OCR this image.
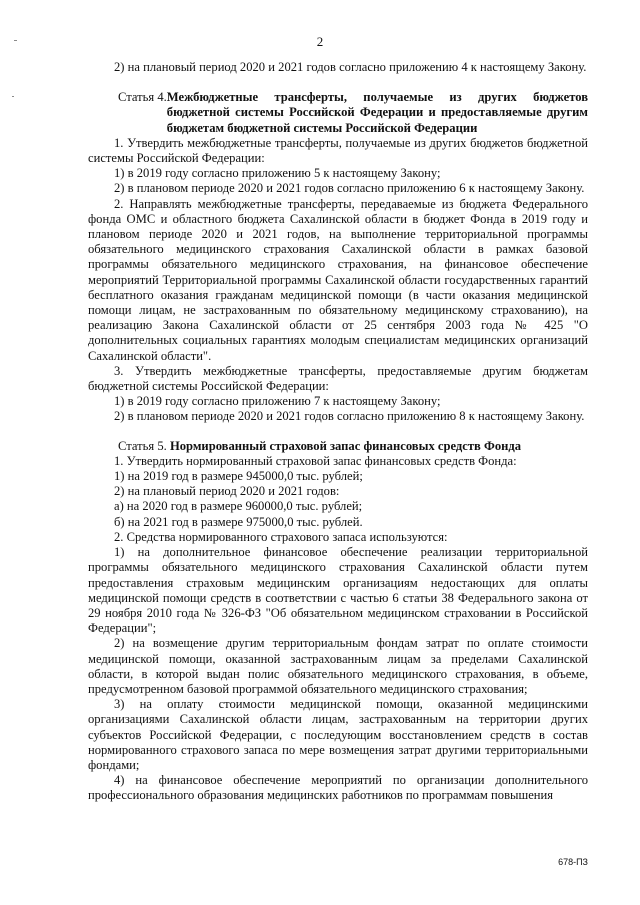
2

2) на плановый период 2020 и 2021 годов согласно приложению 4 к настоящему Закону.

Статья 4. Межбюджетные трансферты, получаемые из других бюджетов бюджетной системы Российской Федерации и предоставляемые другим бюджетам бюджетной системы Российской Федерации

1. Утвердить межбюджетные трансферты, получаемые из других бюджетов бюджетной системы Российской Федерации:

1) в 2019 году согласно приложению 5 к настоящему Закону;

2) в плановом периоде 2020 и 2021 годов согласно приложению 6 к настоящему Закону.

2. Направлять межбюджетные трансферты, передаваемые из бюджета Федерального фонда ОМС и областного бюджета Сахалинской области в бюджет Фонда в 2019 году и плановом периоде 2020 и 2021 годов, на выполнение территориальной программы обязательного медицинского страхования Сахалинской области в рамках базовой программы обязательного медицинского страхования, на финансовое обеспечение мероприятий Территориальной программы Сахалинской области государственных гарантий бесплатного оказания гражданам медицинской помощи (в части оказания медицинской помощи лицам, не застрахованным по обязательному медицинскому страхованию), на реализацию Закона Сахалинской области от 25 сентября 2003 года № 425 "О дополнительных социальных гарантиях молодым специалистам медицинских организаций Сахалинской области".

3. Утвердить межбюджетные трансферты, предоставляемые другим бюджетам бюджетной системы Российской Федерации:

1) в 2019 году согласно приложению 7 к настоящему Закону;

2) в плановом периоде 2020 и 2021 годов согласно приложению 8 к настоящему Закону.

Статья 5. Нормированный страховой запас финансовых средств Фонда

1. Утвердить нормированный страховой запас финансовых средств Фонда:

1) на 2019 год в размере 945000,0 тыс. рублей;

2) на плановый период 2020 и 2021 годов:

а) на 2020 год в размере 960000,0 тыс. рублей;

б) на 2021 год в размере 975000,0 тыс. рублей.

2. Средства нормированного страхового запаса используются:

1) на дополнительное финансовое обеспечение реализации территориальной программы обязательного медицинского страхования Сахалинской области путем предоставления страховым медицинским организациям недостающих для оплаты медицинской помощи средств в соответствии с частью 6 статьи 38 Федерального закона от 29 ноября 2010 года № 326-ФЗ "Об обязательном медицинском страховании в Российской Федерации";

2) на возмещение другим территориальным фондам затрат по оплате стоимости медицинской помощи, оказанной застрахованным лицам за пределами Сахалинской области, в которой выдан полис обязательного медицинского страхования, в объеме, предусмотренном базовой программой обязательного медицинского страхования;

3) на оплату стоимости медицинской помощи, оказанной медицинскими организациями Сахалинской области лицам, застрахованным на территории других субъектов Российской Федерации, с последующим восстановлением средств в состав нормированного страхового запаса по мере возмещения затрат другими территориальными фондами;

4) на финансовое обеспечение мероприятий по организации дополнительного профессионального образования медицинских работников по программам повышения

678-ПЗ
